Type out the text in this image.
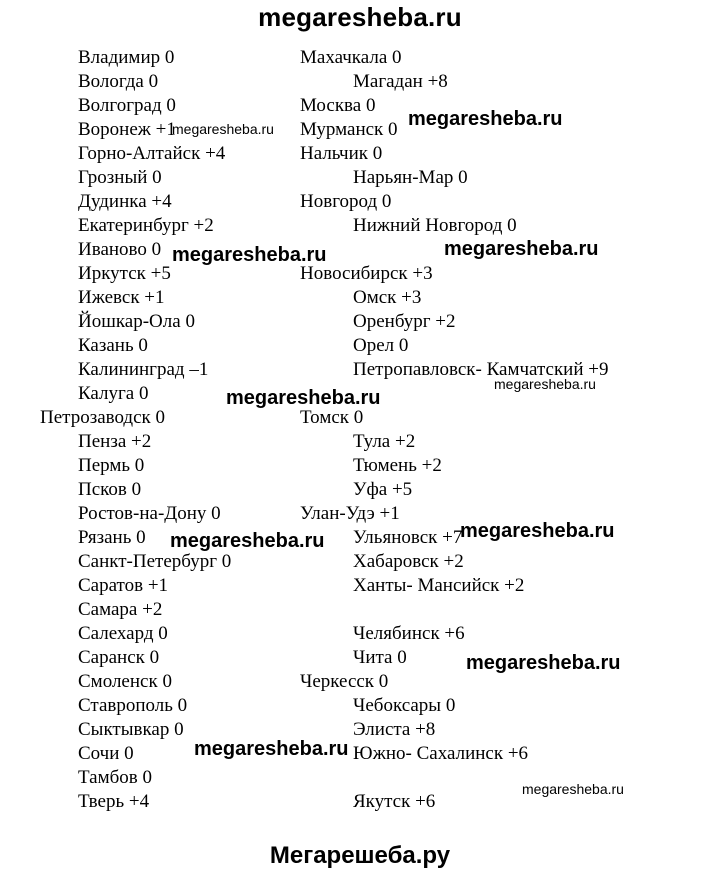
megaresheba.ru
Владимир 0
Вологда 0
Волгоград 0
Воронеж +1
Горно-Алтайск +4
Грозный 0
Дудинка +4
Екатеринбург +2
Иваново 0
Иркутск +5
Ижевск +1
Йошкар-Ола 0
Казань 0
Калининград –1
Калуга 0
Петрозаводск 0
Пенза +2
Пермь 0
Псков 0
Ростов-на-Дону 0
Рязань 0
Санкт-Петербург 0
Саратов +1
Самара +2
Салехард 0
Саранск 0
Смоленск 0
Ставрополь 0
Сыктывкар 0
Сочи 0
Тамбов 0
Тверь +4
Махачкала 0
Магадан +8
Москва 0
Мурманск 0
Нальчик 0
Нарьян-Мар 0
Новгород 0
Нижний Новгород 0
Новосибирск +3
Омск +3
Оренбург +2
Орел 0
Петропавловск- Камчатский +9
Томск 0
Тула +2
Тюмень +2
Уфа +5
Улан-Удэ +1
Ульяновск +7
Хабаровск +2
Ханты- Мансийск +2
Челябинск +6
Чита 0
Черкесск 0
Чебоксары 0
Элиста +8
Южно- Сахалинск +6
Якутск +6
megaresheba.ru	megaresheba.ru
megaresheba.ru	megaresheba.ru
megaresheba.ru
megaresheba.ru
megaresheba.ru
megaresheba.ru
megaresheba.ru
megaresheba.ru
megaresheba.ru
Мегарешеба.ру
